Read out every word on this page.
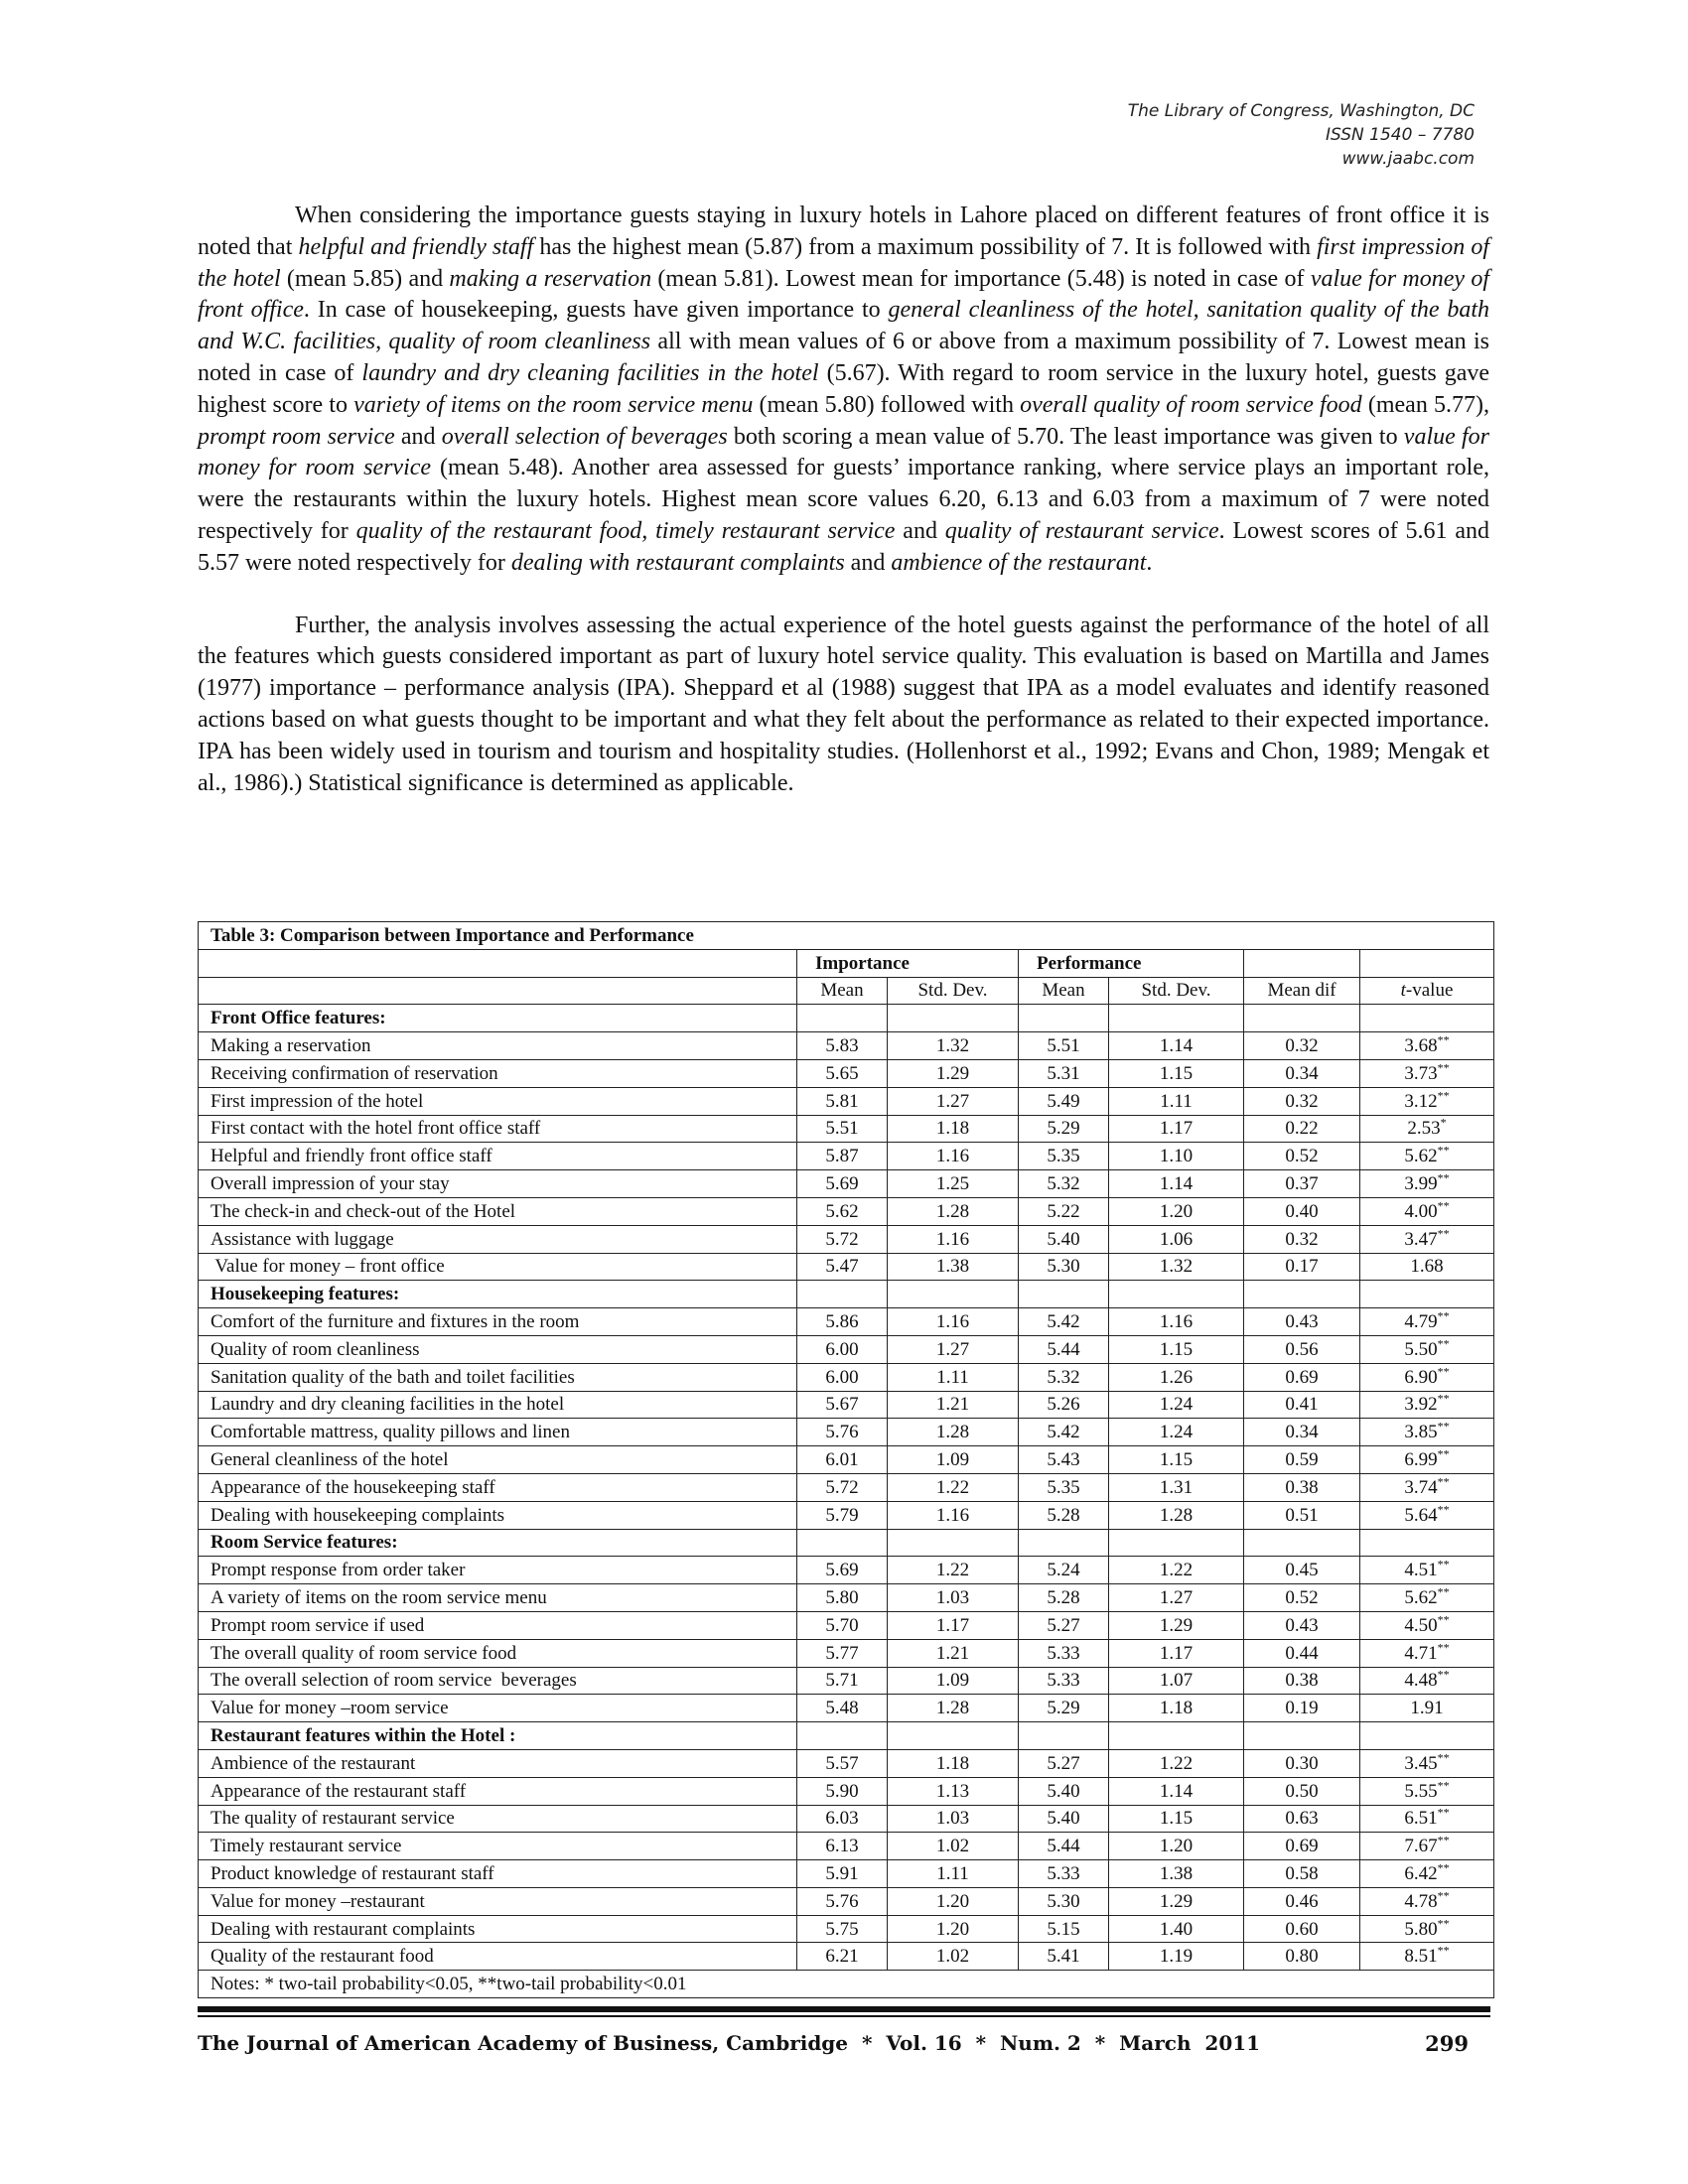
The Library of Congress, Washington, DC
ISSN 1540 – 7780
www.jaabc.com

When considering the importance guests staying in luxury hotels in Lahore placed on different features of front office it is noted that helpful and friendly staff has the highest mean (5.87) from a maximum possibility of 7. It is followed with first impression of the hotel (mean 5.85) and making a reservation (mean 5.81). Lowest mean for importance (5.48) is noted in case of value for money of front office. In case of housekeeping, guests have given importance to general cleanliness of the hotel, sanitation quality of the bath and W.C. facilities, quality of room cleanliness all with mean values of 6 or above from a maximum possibility of 7. Lowest mean is noted in case of laundry and dry cleaning facilities in the hotel (5.67). With regard to room service in the luxury hotel, guests gave highest score to variety of items on the room service menu (mean 5.80) followed with overall quality of room service food (mean 5.77), prompt room service and overall selection of beverages both scoring a mean value of 5.70. The least importance was given to value for money for room service (mean 5.48). Another area assessed for guests’ importance ranking, where service plays an important role, were the restaurants within the luxury hotels. Highest mean score values 6.20, 6.13 and 6.03 from a maximum of 7 were noted respectively for quality of the restaurant food, timely restaurant service and quality of restaurant service. Lowest scores of 5.61 and 5.57 were noted respectively for dealing with restaurant complaints and ambience of the restaurant.

Further, the analysis involves assessing the actual experience of the hotel guests against the performance of the hotel of all the features which guests considered important as part of luxury hotel service quality. This evaluation is based on Martilla and James (1977) importance – performance analysis (IPA). Sheppard et al (1988) suggest that IPA as a model evaluates and identify reasoned actions based on what guests thought to be important and what they felt about the performance as related to their expected importance. IPA has been widely used in tourism and tourism and hospitality studies. (Hollenhorst et al., 1992; Evans and Chon, 1989; Mengak et al., 1986).) Statistical significance is determined as applicable.

Table 3: Comparison between Importance and Performance						
	Importance		Performance			
	Mean	Std. Dev.	Mean	Std. Dev.	Mean dif	t-value
Front Office features:						
Making a reservation	5.83	1.32	5.51	1.14	0.32	3.68**
Receiving confirmation of reservation	5.65	1.29	5.31	1.15	0.34	3.73**
First impression of the hotel	5.81	1.27	5.49	1.11	0.32	3.12**
First contact with the hotel front office staff	5.51	1.18	5.29	1.17	0.22	2.53*
Helpful and friendly front office staff	5.87	1.16	5.35	1.10	0.52	5.62**
Overall impression of your stay	5.69	1.25	5.32	1.14	0.37	3.99**
The check-in and check-out of the Hotel	5.62	1.28	5.22	1.20	0.40	4.00**
Assistance with luggage	5.72	1.16	5.40	1.06	0.32	3.47**
Value for money – front office	5.47	1.38	5.30	1.32	0.17	1.68
Housekeeping features:						
Comfort of the furniture and fixtures in the room	5.86	1.16	5.42	1.16	0.43	4.79**
Quality of room cleanliness	6.00	1.27	5.44	1.15	0.56	5.50**
Sanitation quality of the bath and toilet facilities	6.00	1.11	5.32	1.26	0.69	6.90**
Laundry and dry cleaning facilities in the hotel	5.67	1.21	5.26	1.24	0.41	3.92**
Comfortable mattress, quality pillows and linen	5.76	1.28	5.42	1.24	0.34	3.85**
General cleanliness of the hotel	6.01	1.09	5.43	1.15	0.59	6.99**
Appearance of the housekeeping staff	5.72	1.22	5.35	1.31	0.38	3.74**
Dealing with housekeeping complaints	5.79	1.16	5.28	1.28	0.51	5.64**
Room Service features:						
Prompt response from order taker	5.69	1.22	5.24	1.22	0.45	4.51**
A variety of items on the room service menu	5.80	1.03	5.28	1.27	0.52	5.62**
Prompt room service if used	5.70	1.17	5.27	1.29	0.43	4.50**
The overall quality of room service food	5.77	1.21	5.33	1.17	0.44	4.71**
The overall selection of room service  beverages	5.71	1.09	5.33	1.07	0.38	4.48**
Value for money –room service	5.48	1.28	5.29	1.18	0.19	1.91
Restaurant features within the Hotel :						
Ambience of the restaurant	5.57	1.18	5.27	1.22	0.30	3.45**
Appearance of the restaurant staff	5.90	1.13	5.40	1.14	0.50	5.55**
The quality of restaurant service	6.03	1.03	5.40	1.15	0.63	6.51**
Timely restaurant service	6.13	1.02	5.44	1.20	0.69	7.67**
Product knowledge of restaurant staff	5.91	1.11	5.33	1.38	0.58	6.42**
Value for money –restaurant	5.76	1.20	5.30	1.29	0.46	4.78**
Dealing with restaurant complaints	5.75	1.20	5.15	1.40	0.60	5.80**
Quality of the restaurant food	6.21	1.02	5.41	1.19	0.80	8.51**
Notes: * two-tail probability<0.05, **two-tail probability<0.01						
The Journal of American Academy of Business, Cambridge  *  Vol. 16  *  Num. 2  *  March  2011	299
